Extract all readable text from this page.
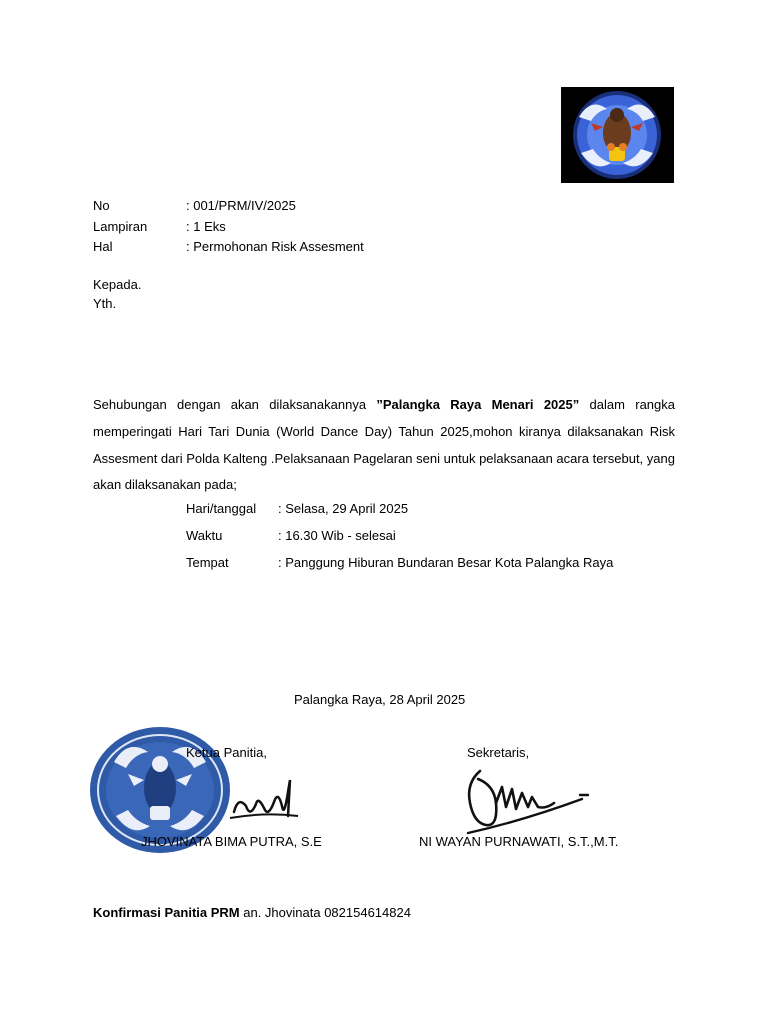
No	: 001/PRM/IV/2025
Lampiran	: 1 Eks
Hal	: Permohonan Risk Assesment
Kepada.
Yth.
Sehubungan dengan akan dilaksanakannya ”Palangka Raya Menari 2025” dalam rangka memperingati Hari Tari Dunia (World Dance Day) Tahun 2025,mohon kiranya dilaksanakan Risk Assesment dari Polda Kalteng .Pelaksanaan Pagelaran seni untuk pelaksanaan acara tersebut, yang akan dilaksanakan pada;
Hari/tanggal : Selasa, 29 April 2025
Waktu	: 16.30 Wib - selesai
Tempat	: Panggung Hiburan Bundaran Besar Kota Palangka Raya
Palangka Raya, 28 April 2025
Ketua Panitia,	Sekretaris,
JHOVINATA BIMA PUTRA, S.E	NI WAYAN PURNAWATI, S.T.,M.T.
Konfirmasi Panitia PRM an. Jhovinata 082154614824
